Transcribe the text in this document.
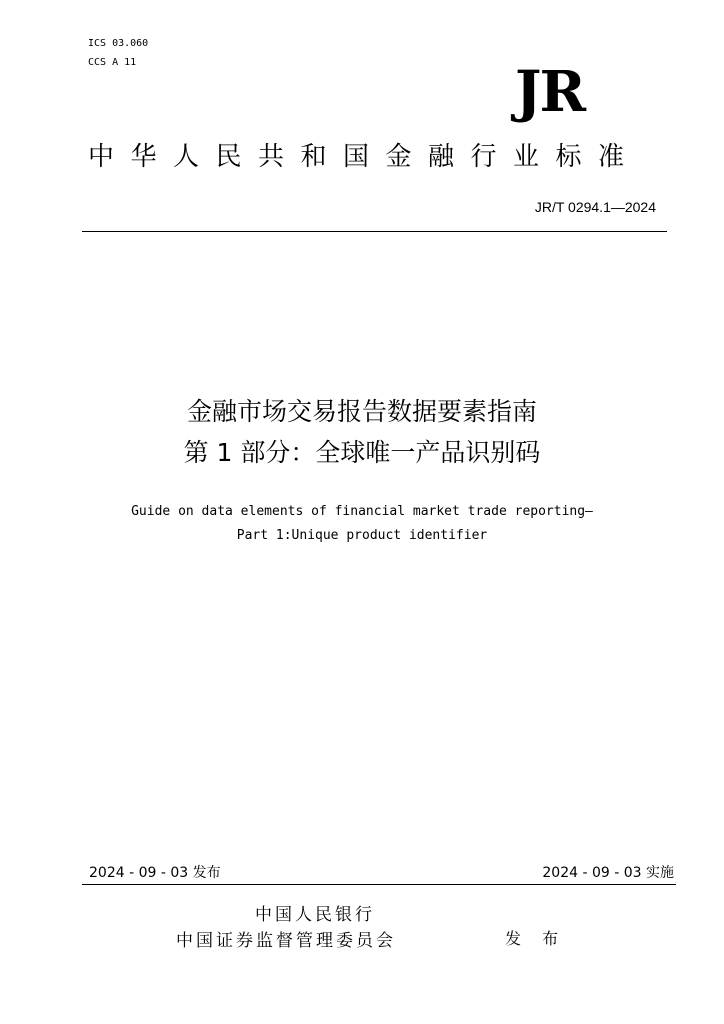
ICS 03.060
CCS A 11	JR
中华人民共和国金融行业标准
JR/T 0294.1—2024
金融市场交易报告数据要素指南
第 1 部分：全球唯一产品识别码
Guide on data elements of financial market trade reporting—
Part 1:Unique product identifier
2024 - 09 - 03 发布	2024 - 09 - 03 实施
中国人民银行
中国证券监督管理委员会	发 布
